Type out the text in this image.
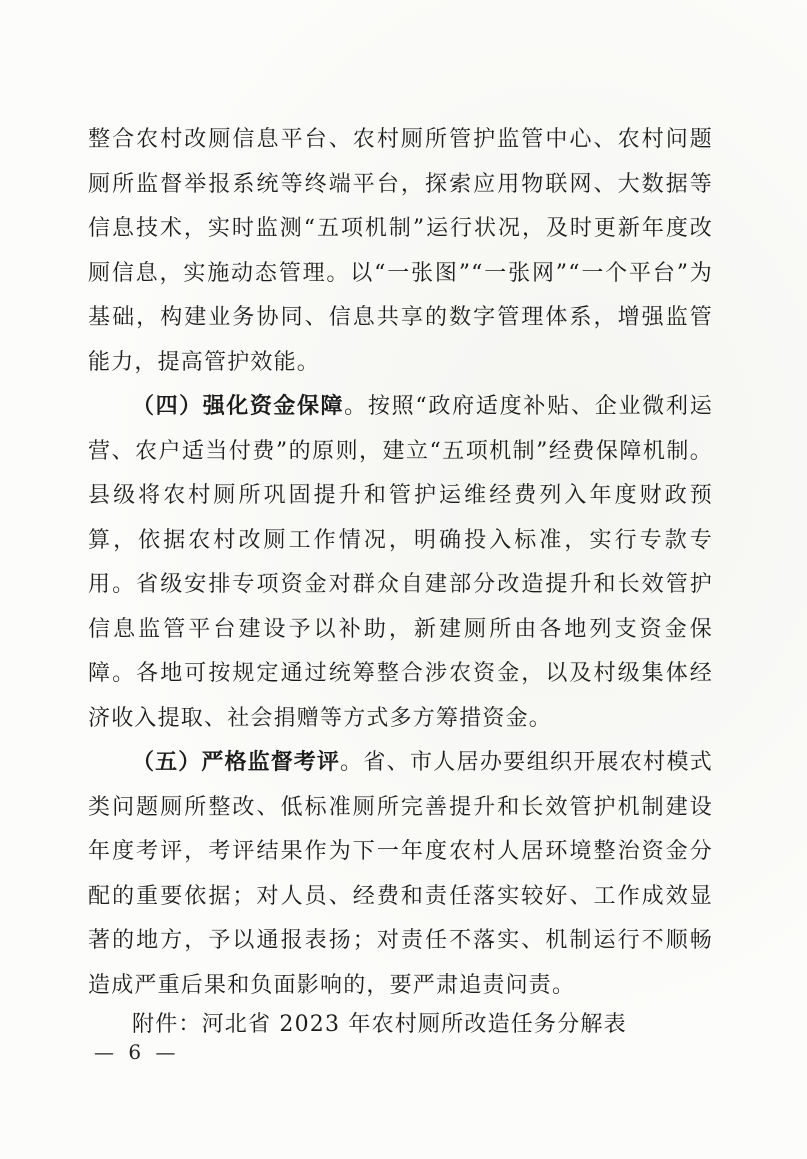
整合农村改厕信息平台、农村厕所管护监管中心、农村问题厕所监督举报系统等终端平台，探索应用物联网、大数据等信息技术，实时监测“五项机制”运行状况，及时更新年度改厕信息，实施动态管理。以“一张图”“一张网”“一个平台”为基础，构建业务协同、信息共享的数字管理体系，增强监管能力，提高管护效能。

（四）强化资金保障。按照“政府适度补贴、企业微利运营、农户适当付费”的原则，建立“五项机制”经费保障机制。县级将农村厕所巩固提升和管护运维经费列入年度财政预算，依据农村改厕工作情况，明确投入标准，实行专款专用。省级安排专项资金对群众自建部分改造提升和长效管护信息监管平台建设予以补助，新建厕所由各地列支资金保障。各地可按规定通过统筹整合涉农资金，以及村级集体经济收入提取、社会捐赠等方式多方筹措资金。

（五）严格监督考评。省、市人居办要组织开展农村模式类问题厕所整改、低标准厕所完善提升和长效管护机制建设年度考评，考评结果作为下一年度农村人居环境整治资金分配的重要依据；对人员、经费和责任落实较好、工作成效显著的地方，予以通报表扬；对责任不落实、机制运行不顺畅造成严重后果和负面影响的，要严肃追责问责。

附件：河北省 2023 年农村厕所改造任务分解表
— 6 —
